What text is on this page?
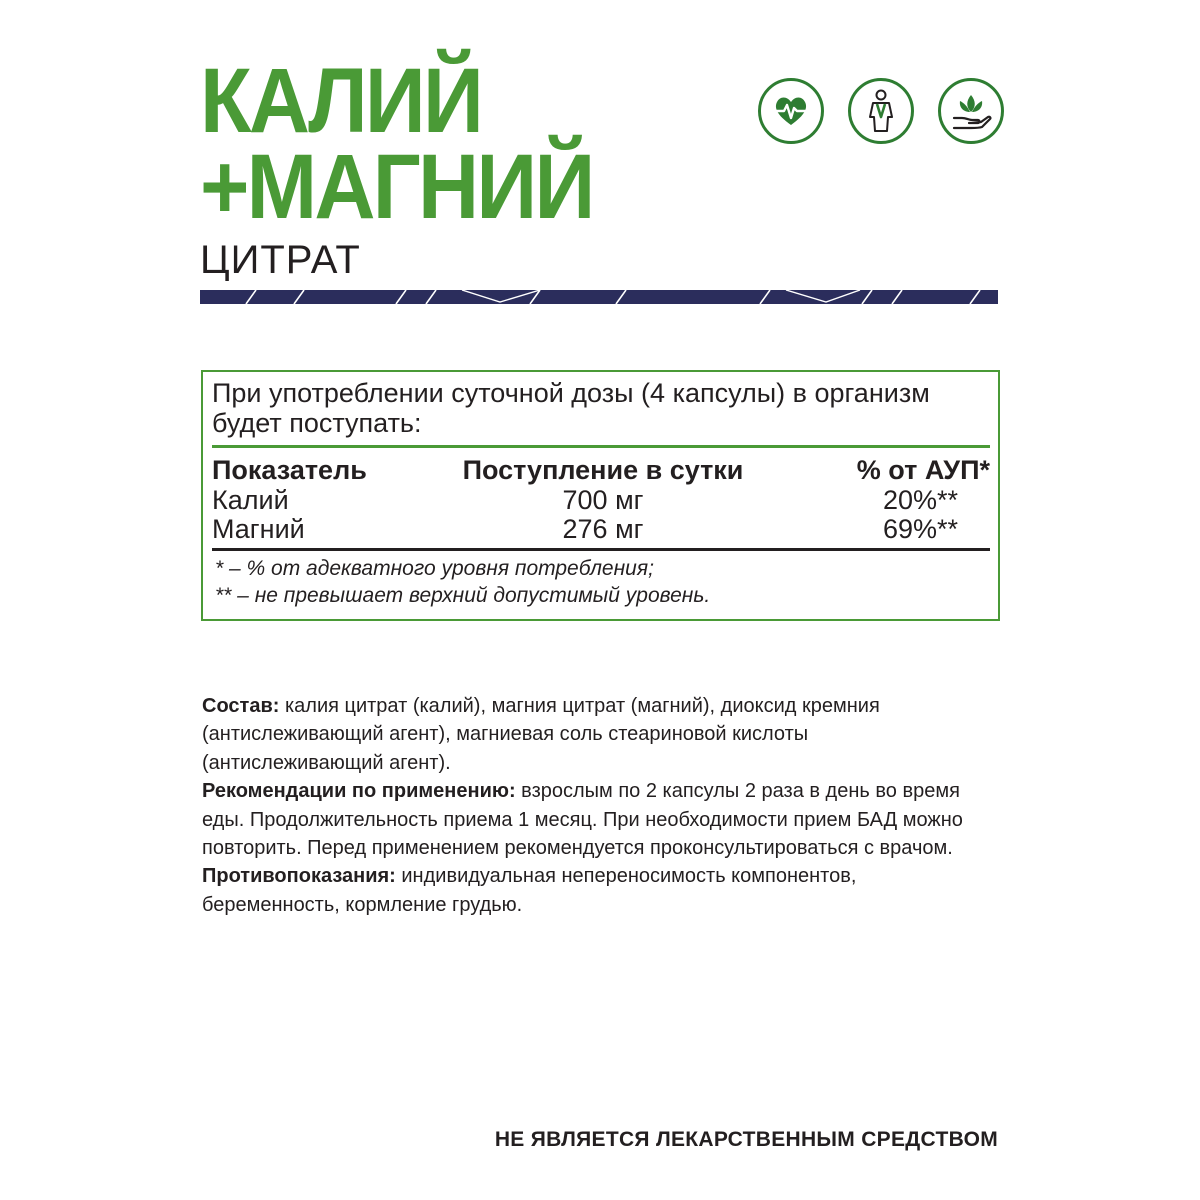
КАЛИЙ
+МАГНИЙ
ЦИТРАТ
При употреблении суточной дозы (4 капсулы) в организм будет поступать:
Показатель	Поступление в сутки	% от АУП*
Калий	700 мг	20%**
Магний	276 мг	69%**
* – % от адекватного уровня потребления;
** – не превышает верхний допустимый уровень.

Состав: калия цитрат (калий), магния цитрат (магний), диоксид кремния (антислеживающий агент), магниевая соль стеариновой кислоты (антислеживающий агент).

Рекомендации по применению: взрослым по 2 капсулы 2 раза в день во время еды. Продолжительность приема 1 месяц. При необходимости прием БАД можно повторить. Перед применением рекомендуется проконсультироваться с врачом.

Противопоказания: индивидуальная непереносимость компонентов, беременность, кормление грудью.

НЕ ЯВЛЯЕТСЯ ЛЕКАРСТВЕННЫМ СРЕДСТВОМ
